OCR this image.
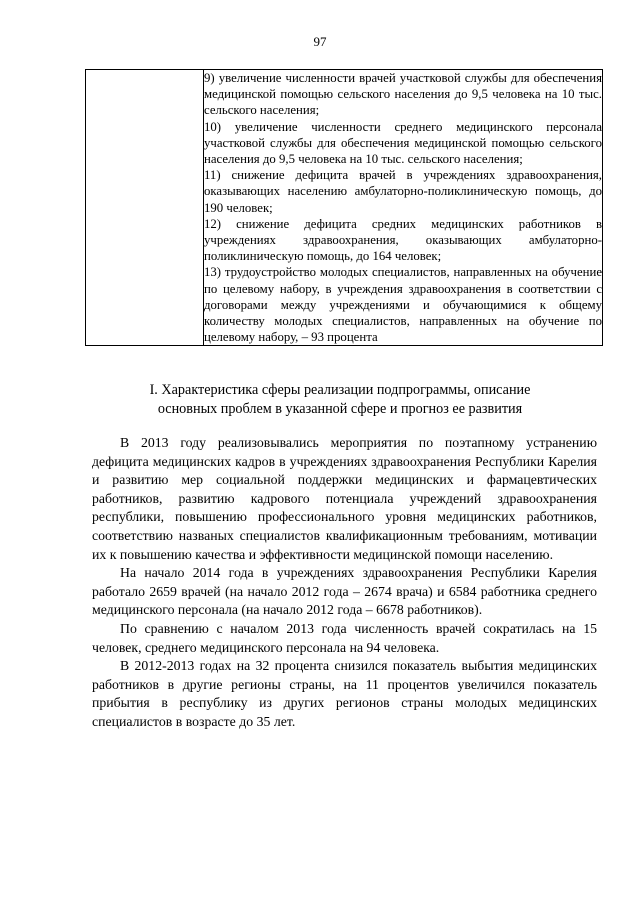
97

9) увеличение численности врачей участковой службы для обеспечения медицинской помощью сельского населения до 9,5 человека на 10 тыс. сельского населения;
10) увеличение численности среднего медицинского персонала участковой службы для обеспечения медицинской помощью сельского населения до 9,5 человека на 10 тыс. сельского населения;
11) снижение дефицита врачей в учреждениях здравоохранения, оказывающих населению амбулаторно-поликлиническую помощь, до 190 человек;
12) снижение дефицита средних медицинских работников в учреждениях здравоохранения, оказывающих амбулаторно-поликлиническую помощь, до 164 человек;
13) трудоустройство молодых специалистов, направленных на обучение по целевому набору, в учреждения здравоохранения в соответствии с договорами между учреждениями и обучающимися к общему количеству молодых специалистов, направленных на обучение по целевому набору, – 93 процента
I. Характеристика сферы реализации подпрограммы, описание
основных проблем в указанной сфере и прогноз ее развития

В 2013 году реализовывались мероприятия по поэтапному устранению дефицита медицинских кадров в учреждениях здравоохранения Республики Карелия и развитию мер социальной поддержки медицинских и фармацевтических работников, развитию кадрового потенциала учреждений здравоохранения республики, повышению профессионального уровня медицинских работников, соответствию названых специалистов квалификационным требованиям, мотивации их к повышению качества и эффективности медицинской помощи населению.

На начало 2014 года в учреждениях здравоохранения Республики Карелия работало 2659 врачей (на начало 2012 года – 2674 врача) и 6584 работника среднего медицинского персонала (на начало 2012 года – 6678 работников).

По сравнению с началом 2013 года численность врачей сократилась на 15 человек, среднего медицинского персонала на 94 человека.

В 2012-2013 годах на 32 процента снизился показатель выбытия медицинских работников в другие регионы страны, на 11 процентов увеличился показатель прибытия в республику из других регионов страны молодых медицинских специалистов в возрасте до 35 лет.
